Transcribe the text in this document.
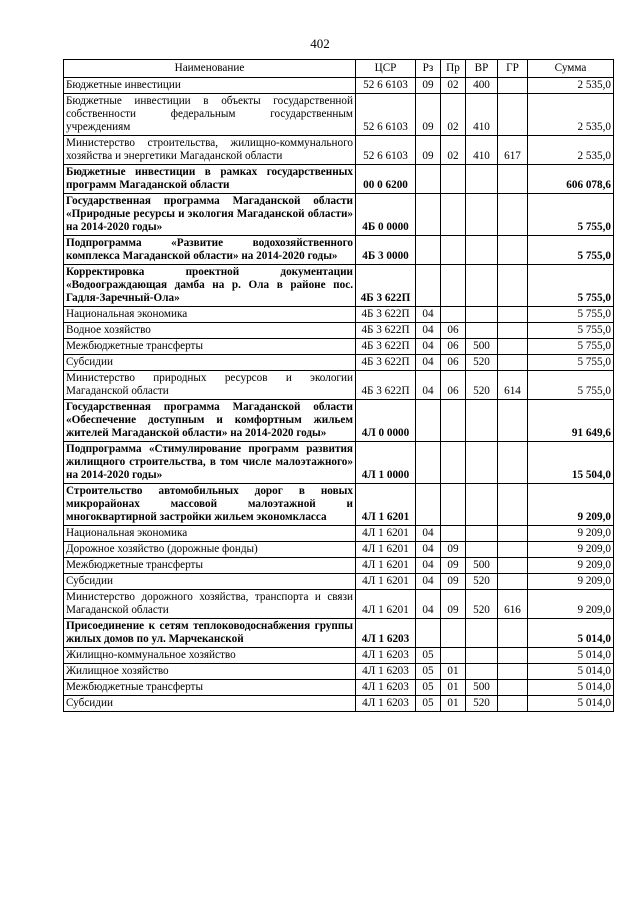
402
Наименование	ЦСР	Рз	Пр	ВР	ГР	Сумма
Бюджетные инвестиции	52 6 6103	09	02	400		2 535,0
Бюджетные инвестиции в объекты государственной собственности федеральным государственным учреждениям	52 6 6103	09	02	410		2 535,0
Министерство строительства, жилищно-коммунального хозяйства и энергетики Магаданской области	52 6 6103	09	02	410	617	2 535,0
Бюджетные инвестиции в рамках государственных программ Магаданской области	00 0 6200					606 078,6
Государственная программа Магаданской области «Природные ресурсы и экология Магаданской области» на 2014-2020 годы»	4Б 0 0000					5 755,0
Подпрограмма «Развитие водохозяйственного комплекса Магаданской области» на 2014-2020 годы»	4Б 3 0000					5 755,0
Корректировка проектной документации «Водоограждающая дамба на р. Ола в районе пос. Гадля-Заречный-Ола»	4Б 3 622П					5 755,0
Национальная экономика	4Б 3 622П	04				5 755,0
Водное хозяйство	4Б 3 622П	04	06			5 755,0
Межбюджетные трансферты	4Б 3 622П	04	06	500		5 755,0
Субсидии	4Б 3 622П	04	06	520		5 755,0
Министерство природных ресурсов и экологии Магаданской области	4Б 3 622П	04	06	520	614	5 755,0
Государственная программа Магаданской области «Обеспечение доступным и комфортным жильем жителей Магаданской области» на 2014-2020 годы»	4Л 0 0000					91 649,6
Подпрограмма «Стимулирование программ развития жилищного строительства, в том числе малоэтажного» на 2014-2020 годы»	4Л 1 0000					15 504,0
Строительство автомобильных дорог в новых микрорайонах массовой малоэтажной и многоквартирной застройки жильем экономкласса	4Л 1 6201					9 209,0
Национальная экономика	4Л 1 6201	04				9 209,0
Дорожное хозяйство (дорожные фонды)	4Л 1 6201	04	09			9 209,0
Межбюджетные трансферты	4Л 1 6201	04	09	500		9 209,0
Субсидии	4Л 1 6201	04	09	520		9 209,0
Министерство дорожного хозяйства, транспорта и связи Магаданской области	4Л 1 6201	04	09	520	616	9 209,0
Присоединение к сетям теплоководоснабжения группы жилых домов по ул. Марчеканской	4Л 1 6203					5 014,0
Жилищно-коммунальное хозяйство	4Л 1 6203	05				5 014,0
Жилищное хозяйство	4Л 1 6203	05	01			5 014,0
Межбюджетные трансферты	4Л 1 6203	05	01	500		5 014,0
Субсидии	4Л 1 6203	05	01	520		5 014,0
